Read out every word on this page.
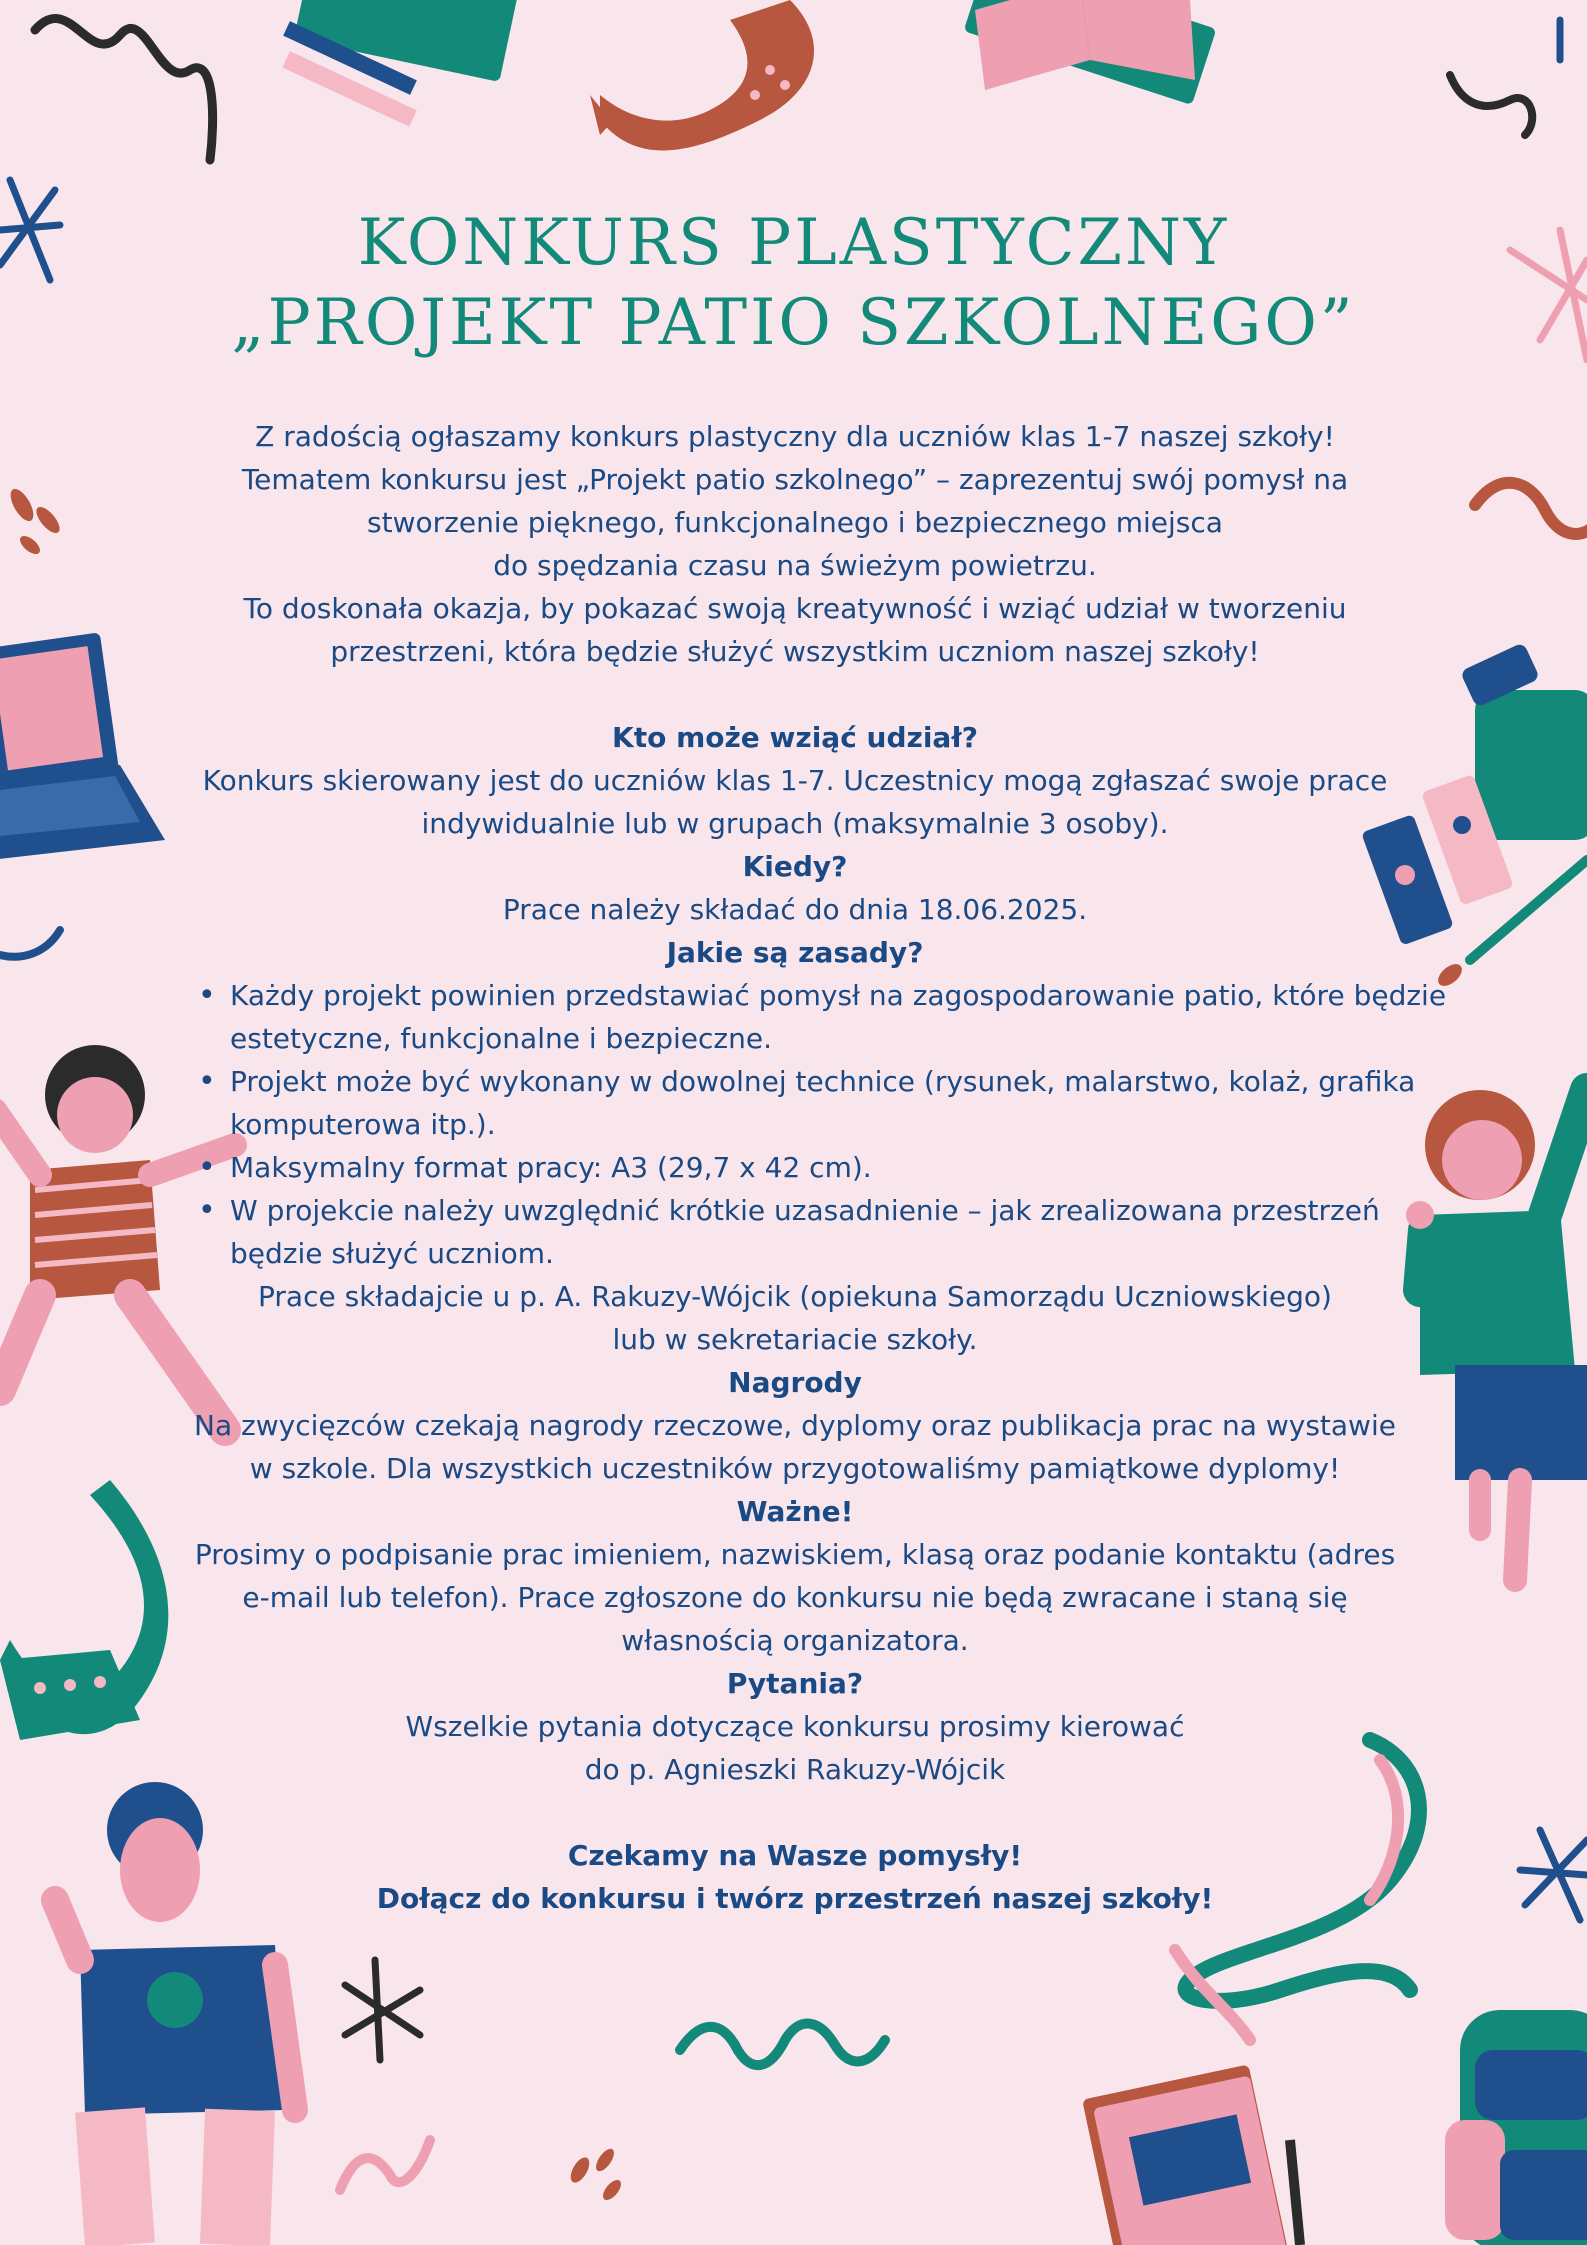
KONKURS PLASTYCZNY
„PROJEKT PATIO SZKOLNEGO”

Z radością ogłaszamy konkurs plastyczny dla uczniów klas 1-7 naszej szkoły!

Tematem konkursu jest „Projekt patio szkolnego” – zaprezentuj swój pomysł na

stworzenie pięknego, funkcjonalnego i bezpiecznego miejsca

do spędzania czasu na świeżym powietrzu.

To doskonała okazja, by pokazać swoją kreatywność i wziąć udział w tworzeniu

przestrzeni, która będzie służyć wszystkim uczniom naszej szkoły!

Kto może wziąć udział?

Konkurs skierowany jest do uczniów klas 1-7. Uczestnicy mogą zgłaszać swoje prace

indywidualnie lub w grupach (maksymalnie 3 osoby).

Kiedy?

Prace należy składać do dnia 18.06.2025.

Jakie są zasady?

• Każdy projekt powinien przedstawiać pomysł na zagospodarowanie patio, które będzie estetyczne, funkcjonalne i bezpieczne.
• Projekt może być wykonany w dowolnej technice (rysunek, malarstwo, kolaż, grafika komputerowa itp.).
• Maksymalny format pracy: A3 (29,7 x 42 cm).
• W projekcie należy uwzględnić krótkie uzasadnienie – jak zrealizowana przestrzeń będzie służyć uczniom.

Prace składajcie u p. A. Rakuzy-Wójcik (opiekuna Samorządu Uczniowskiego)

lub w sekretariacie szkoły.

Nagrody

Na zwycięzców czekają nagrody rzeczowe, dyplomy oraz publikacja prac na wystawie

w szkole. Dla wszystkich uczestników przygotowaliśmy pamiątkowe dyplomy!

Ważne!

Prosimy o podpisanie prac imieniem, nazwiskiem, klasą oraz podanie kontaktu (adres

e-mail lub telefon). Prace zgłoszone do konkursu nie będą zwracane i staną się

własnością organizatora.

Pytania?

Wszelkie pytania dotyczące konkursu prosimy kierować

do p. Agnieszki Rakuzy-Wójcik

Czekamy na Wasze pomysły!

Dołącz do konkursu i twórz przestrzeń naszej szkoły!
